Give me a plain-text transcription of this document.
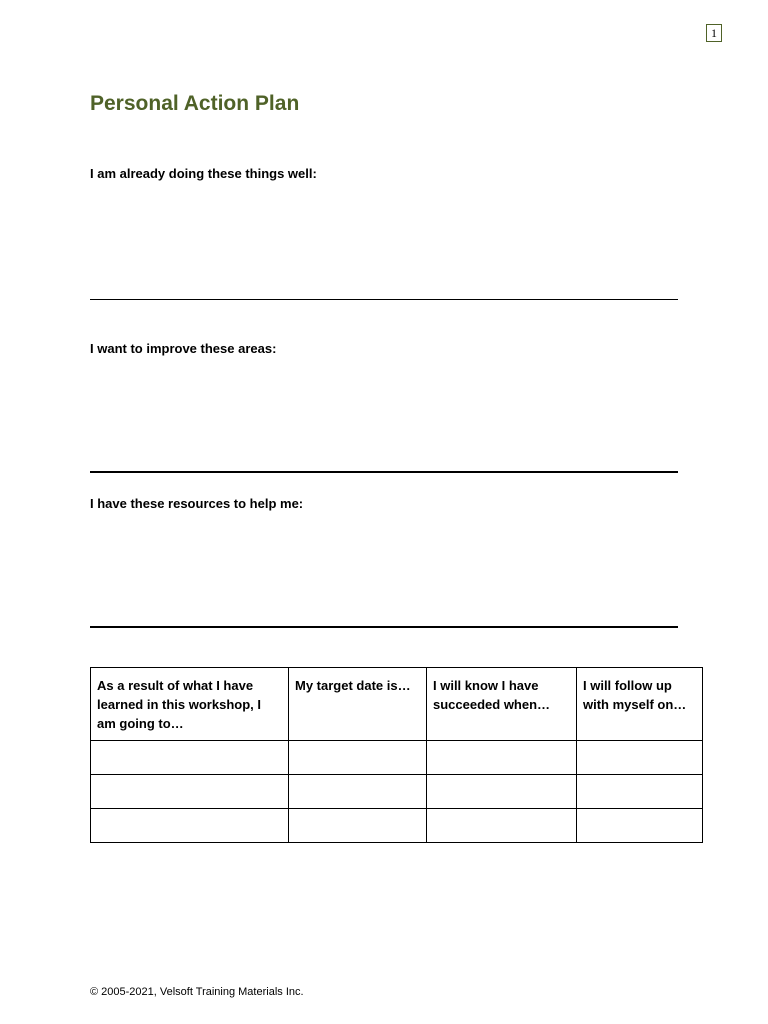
1
Personal Action Plan

I am already doing these things well:

I want to improve these areas:

I have these resources to help me:

As a result of what I have learned in this workshop, I am going to…	My target date is…	I will know I have succeeded when…	I will follow up with myself on…

© 2005-2021, Velsoft Training Materials Inc.
